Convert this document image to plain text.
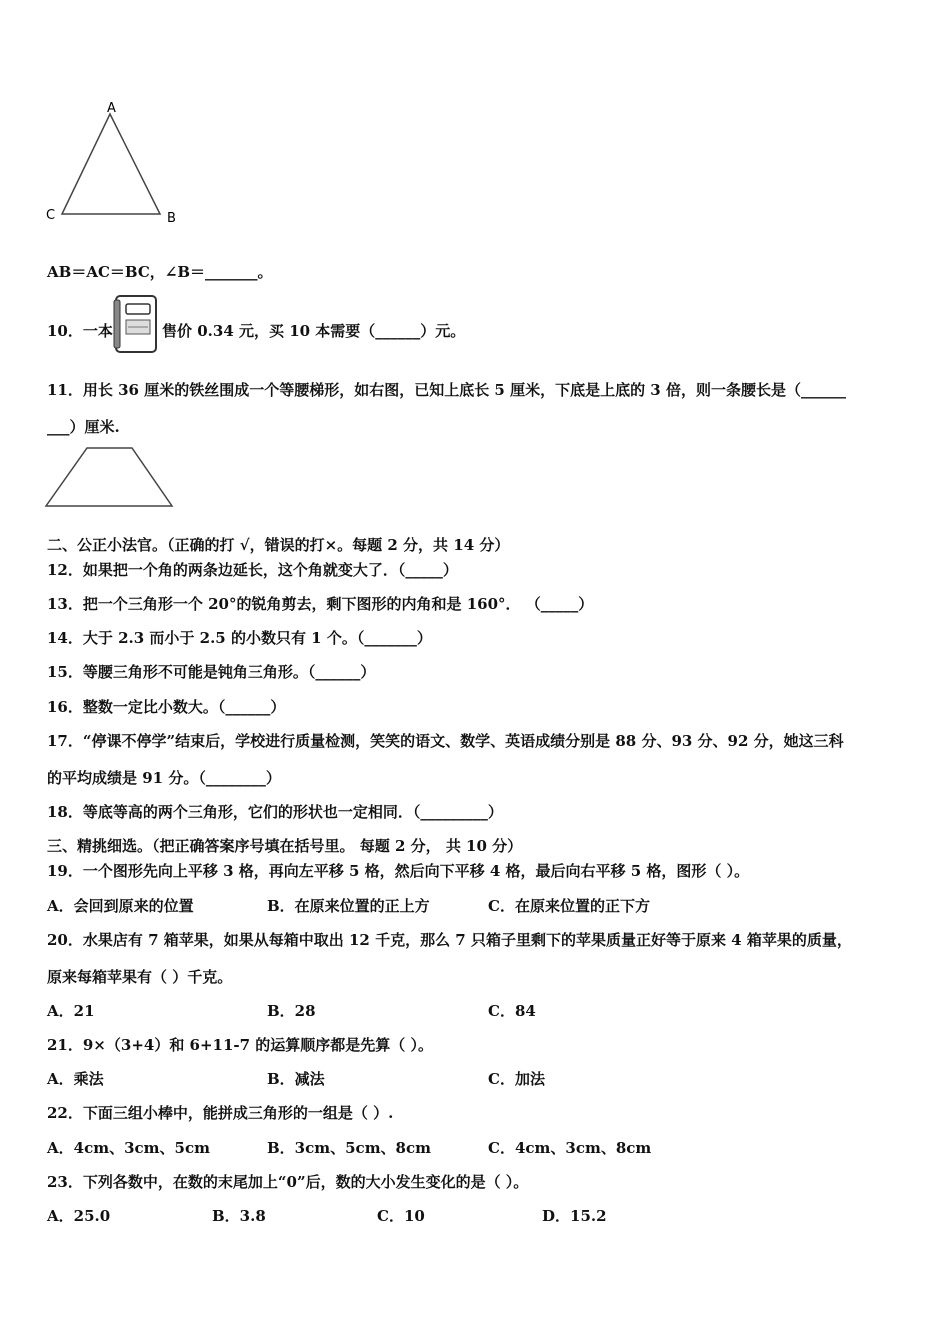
A
C	B
AB＝AC＝BC，∠B＝_______。
10．一本	售价 0.34 元，买 10 本需要（______）元。
11．用长 36 厘米的铁丝围成一个等腰梯形，如右图，已知上底长 5 厘米，下底是上底的 3 倍，则一条腰长是（______
___）厘米.
二、公正小法官。（正确的打 √，错误的打×。每题 2 分，共 14 分）
12．如果把一个角的两条边延长，这个角就变大了．（_____）
13．把一个三角形一个 20°的锐角剪去，剩下图形的内角和是 160°． （_____）
14．大于 2.3 而小于 2.5 的小数只有 1 个。（_______）
15．等腰三角形不可能是钝角三角形。（______）
16．整数一定比小数大。（______）
17．“停课不停学”结束后，学校进行质量检测，笑笑的语文、数学、英语成绩分别是 88 分、93 分、92 分，她这三科
的平均成绩是 91 分。（________）
18．等底等高的两个三角形，它们的形状也一定相同．（_________）
三、精挑细选。（把正确答案序号填在括号里。 每题 2 分， 共 10 分）
19．一个图形先向上平移 3 格，再向左平移 5 格，然后向下平移 4 格，最后向右平移 5 格，图形（ ）。
A．会回到原来的位置	B．在原来位置的正上方	C．在原来位置的正下方
20．水果店有 7 箱苹果，如果从每箱中取出 12 千克，那么 7 只箱子里剩下的苹果质量正好等于原来 4 箱苹果的质量，
原来每箱苹果有（ ）千克。
A．21	B．28	C．84
21．9×（3+4）和 6+11-7 的运算顺序都是先算（ ）。
A．乘法	B．减法	C．加法
22．下面三组小棒中，能拼成三角形的一组是（ ）.
A．4cm、3cm、5cm	B．3cm、5cm、8cm	C．4cm、3cm、8cm
23．下列各数中，在数的末尾加上“0”后，数的大小发生变化的是（ ）。
A．25.0	B．3.8	C．10	D．15.2
